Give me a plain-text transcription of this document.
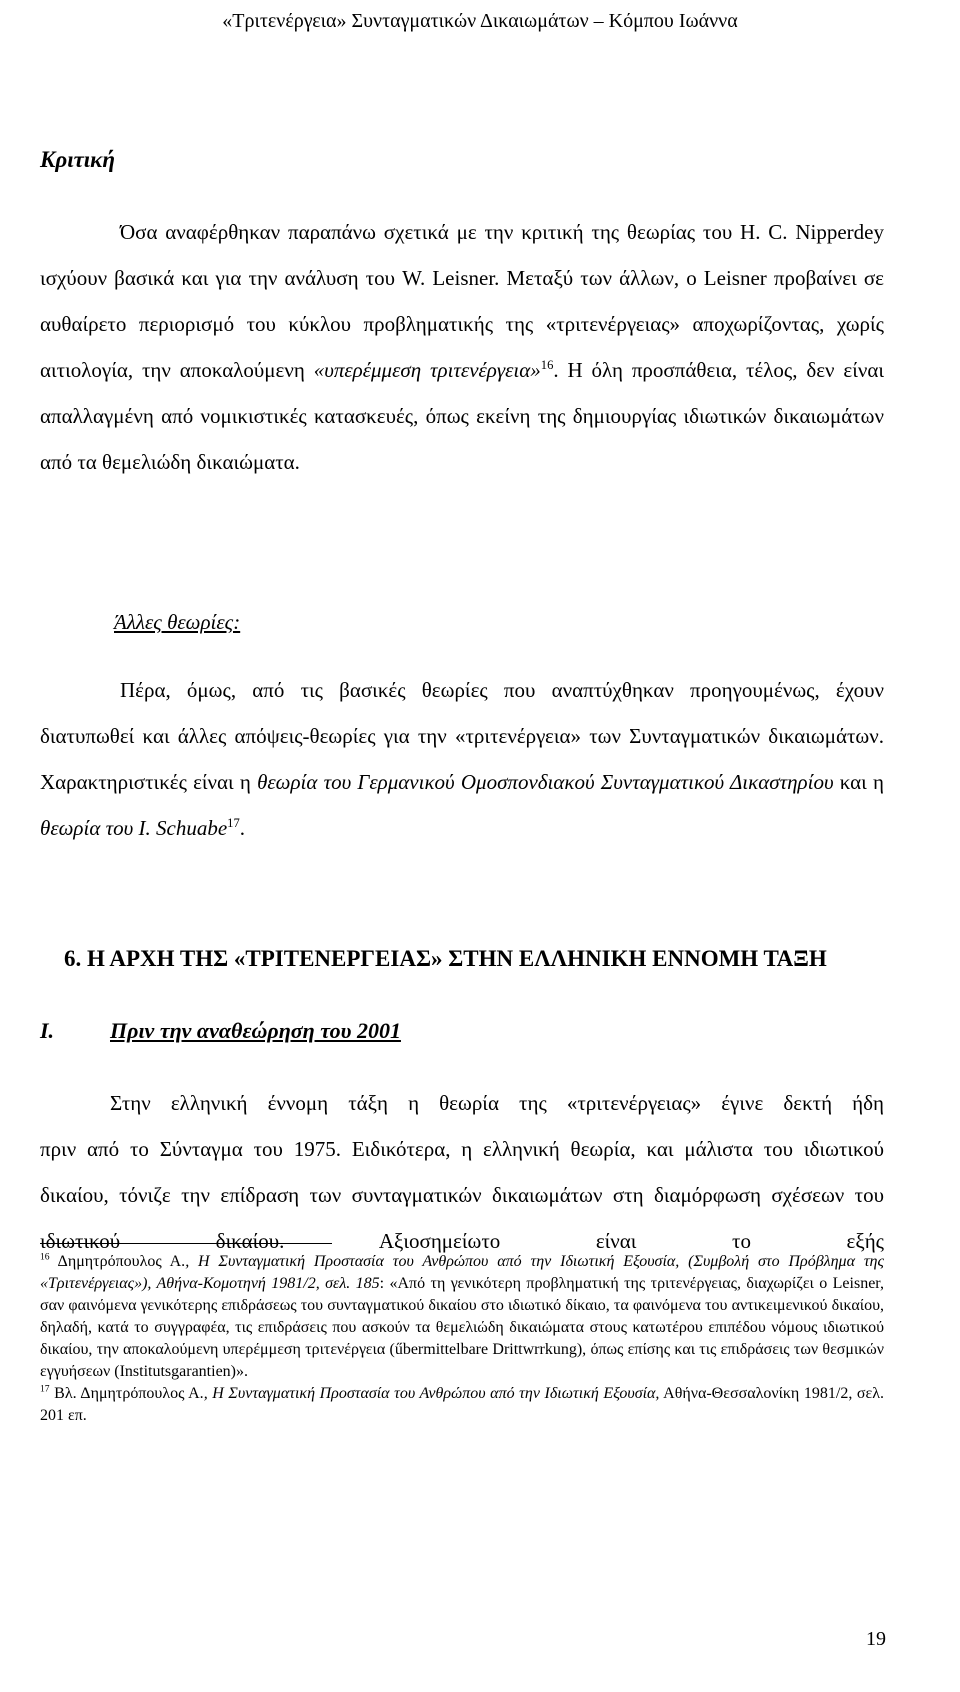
«Τριτενέργεια» Συνταγματικών Δικαιωμάτων – Κόμπου Ιωάννα
Κριτική
Όσα αναφέρθηκαν παραπάνω σχετικά με την κριτική της θεωρίας του H. C. Nipperdey ισχύουν βασικά και για την ανάλυση του W. Leisner. Μεταξύ των άλλων, ο Leisner προβαίνει σε αυθαίρετο περιορισμό του κύκλου προβληματικής της «τριτενέργειας» αποχωρίζοντας, χωρίς αιτιολογία, την αποκαλούμενη «υπερέμμεση τριτενέργεια»$^{16}$. Η όλη προσπάθεια, τέλος, δεν είναι απαλλαγμένη από νομικιστικές κατασκευές, όπως εκείνη της δημιουργίας ιδιωτικών δικαιωμάτων από τα θεμελιώδη δικαιώματα.
Άλλες θεωρίες:
Πέρα, όμως, από τις βασικές θεωρίες που αναπτύχθηκαν προηγουμένως, έχουν διατυπωθεί και άλλες απόψεις-θεωρίες για την «τριτενέργεια» των Συνταγματικών δικαιωμάτων. Χαρακτηριστικές είναι η θεωρία του Γερμανικού Ομοσπονδιακού Συνταγματικού Δικαστηρίου και η θεωρία του I. Schuabe$^{17}$.
6. Η ΑΡΧΗ ΤΗΣ «ΤΡΙΤΕΝΕΡΓΕΙΑΣ» ΣΤΗΝ ΕΛΛΗΝΙΚΗ ΕΝΝΟΜΗ ΤΑΞΗ
Ι.	Πριν την αναθεώρηση του 2001
Στην ελληνική έννομη τάξη η θεωρία της «τριτενέργειας» έγινε δεκτή ήδη
πριν από το Σύνταγμα του 1975. Ειδικότερα, η ελληνική θεωρία, και μάλιστα του ιδιωτικού δικαίου, τόνιζε την επίδραση των συνταγματικών δικαιωμάτων στη διαμόρφωση σχέσεων του ιδιωτικού δικαίου. Αξιοσημείωτο είναι το εξής

$^{16}$ Δημητρόπουλος Α., Η Συνταγματική Προστασία του Ανθρώπου από την Ιδιωτική Εξουσία, (Συμβολή στο Πρόβλημα της «Τριτενέργειας»), Αθήνα-Κομοτηνή 1981/2, σελ. 185: «Από τη γενικότερη προβληματική της τριτενέργειας, διαχωρίζει ο Leisner, σαν φαινόμενα γενικότερης επιδράσεως του συνταγματικού δικαίου στο ιδιωτικό δίκαιο, τα φαινόμενα του αντικειμενικού δικαίου, δηλαδή, κατά το συγγραφέα, τις επιδράσεις που ασκούν τα θεμελιώδη δικαιώματα στους κατωτέρου επιπέδου νόμους ιδιωτικού δικαίου, την αποκαλούμενη υπερέμμεση τριτενέργεια (űbermittelbare Drittwrrkung), όπως επίσης και τις επιδράσεις των θεσμικών εγγυήσεων (Institutsgarantien)».

$^{17}$ Βλ. Δημητρόπουλος Α., Η Συνταγματική Προστασία του Ανθρώπου από την Ιδιωτική Εξουσία, Αθήνα-Θεσσαλονίκη 1981/2, σελ. 201 επ.

19
